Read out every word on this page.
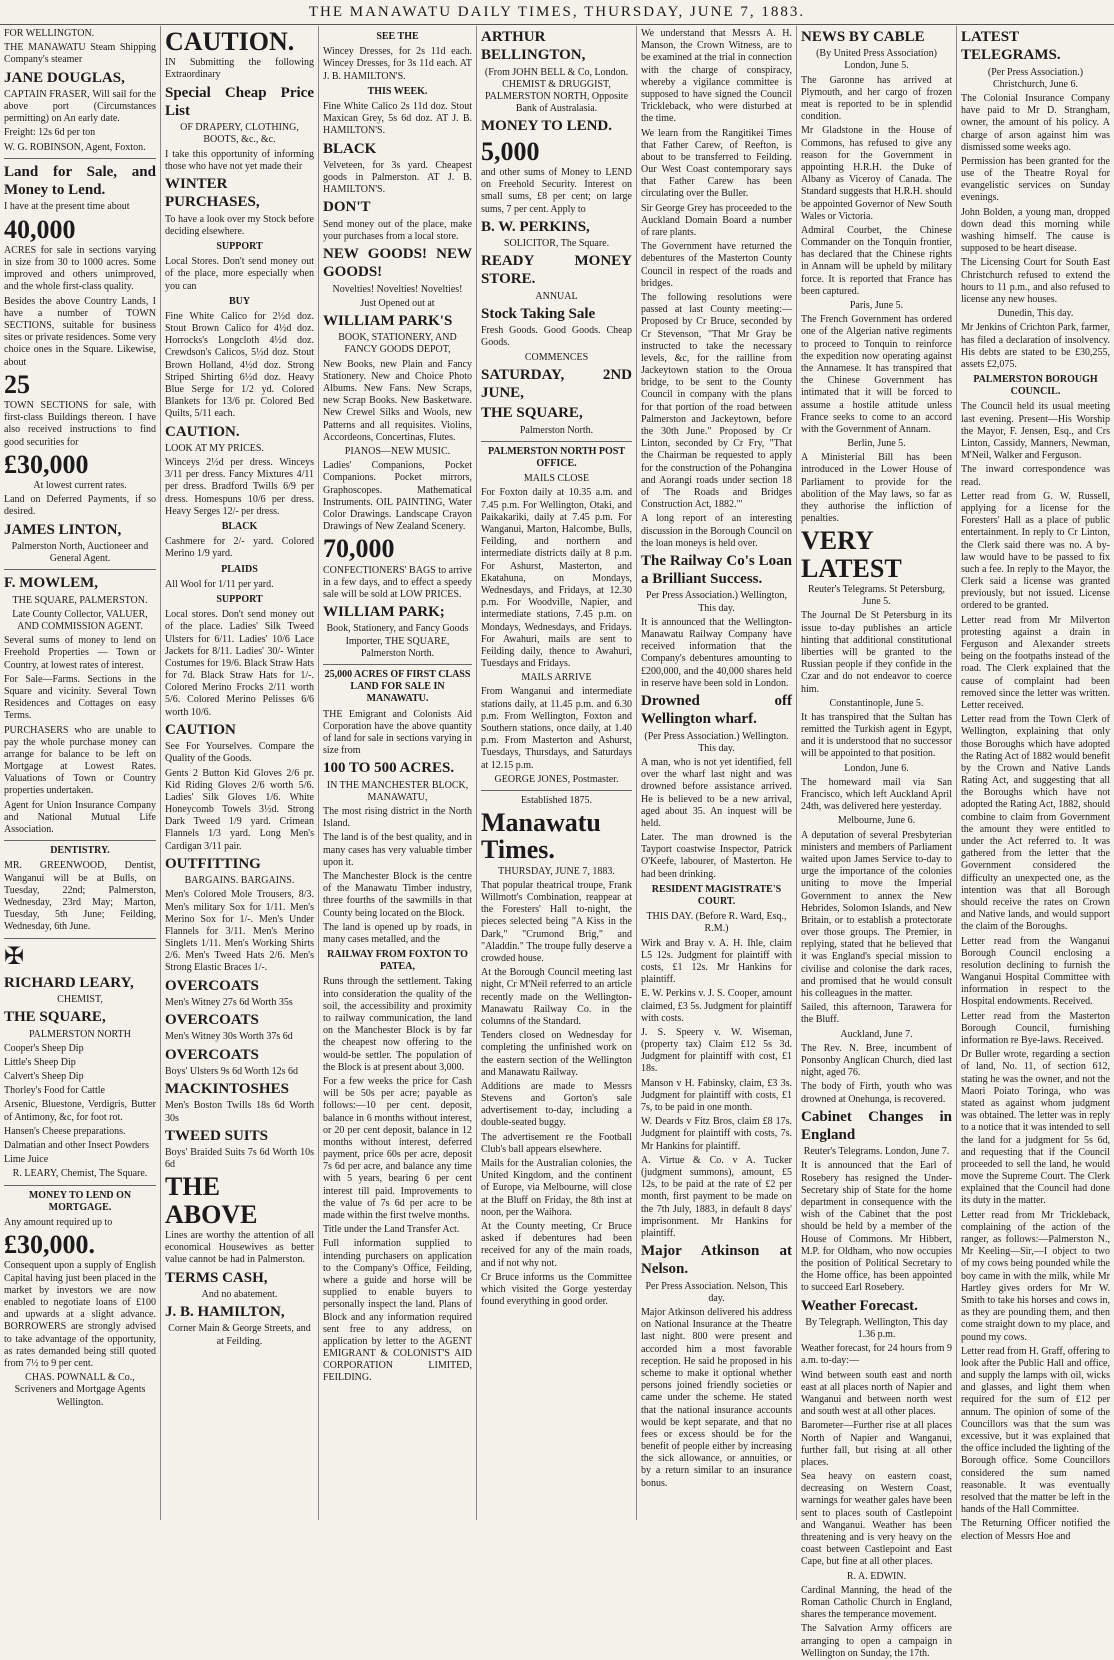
THE MANAWATU DAILY TIMES, THURSDAY, JUNE 7, 1883.

FOR WELLINGTON.

THE MANAWATU Steam Shipping Company's steamer

JANE DOUGLAS,

CAPTAIN FRASER, Will sail for the above port (Circumstances permitting) on An early date.

Freight: 12s 6d per ton

W. G. ROBINSON, Agent, Foxton.

Land for Sale, and Money to Lend.

I have at the present time about

40,000

ACRES for sale in sections varying in size from 30 to 1000 acres. Some improved and others unimproved, and the whole first-class quality.

Besides the above Country Lands, I have a number of TOWN SECTIONS, suitable for business sites or private residences. Some very choice ones in the Square. Likewise, about

25

TOWN SECTIONS for sale, with first-class Buildings thereon. I have also received instructions to find good securities for

£30,000

At lowest current rates.

Land on Deferred Payments, if so desired.

JAMES LINTON,

Palmerston North, Auctioneer and General Agent.

F. MOWLEM,

THE SQUARE, PALMERSTON.

Late County Collector, VALUER, AND COMMISSION AGENT.

Several sums of money to lend on Freehold Properties — Town or Country, at lowest rates of interest.

For Sale—Farms. Sections in the Square and vicinity. Several Town Residences and Cottages on easy Terms.

PURCHASERS who are unable to pay the whole purchase money can arrange for balance to be left on Mortgage at Lowest Rates. Valuations of Town or Country properties undertaken.

Agent for Union Insurance Company and National Mutual Life Association.

DENTISTRY.

MR. GREENWOOD, Dentist, Wanganui will be at Bulls, on Tuesday, 22nd; Palmerston, Wednesday, 23rd May; Marton, Tuesday, 5th June; Feilding, Wednesday, 6th June.

✠

RICHARD LEARY,

CHEMIST,

THE SQUARE,

PALMERSTON NORTH

Cooper's Sheep Dip

Little's Sheep Dip

Calvert's Sheep Dip

Thorley's Food for Cattle

Arsenic, Bluestone, Verdigris, Butter of Antimony, &c, for foot rot.

Hansen's Cheese preparations.

Dalmatian and other Insect Powders

Lime Juice

R. LEARY, Chemist, The Square.

MONEY TO LEND ON MORTGAGE.

Any amount required up to

£30,000.

Consequent upon a supply of English Capital having just been placed in the market by investors we are now enabled to negotiate loans of £100 and upwards at a slight advance. BORROWERS are strongly advised to take advantage of the opportunity, as rates demanded being still quoted from 7½ to 9 per cent.

CHAS. POWNALL & Co., Scriveners and Mortgage Agents Wellington.

CAUTION.

IN Submitting the following Extraordinary

Special Cheap Price List

OF DRAPERY, CLOTHING, BOOTS, &c., &c.

I take this opportunity of informing those who have not yet made their

WINTER PURCHASES,

To have a look over my Stock before deciding elsewhere.

SUPPORT

Local Stores. Don't send money out of the place, more especially when you can

BUY

Fine White Calico for 2½d doz. Stout Brown Calico for 4½d doz. Horrocks's Longcloth 4½d doz. Crewdson's Calicos, 5½d doz. Stout Brown Holland, 4½d doz. Strong Striped Shirting 6½d doz. Heavy Blue Serge for 1/2 yd. Colored Blankets for 13/6 pr. Colored Bed Quilts, 5/11 each.

CAUTION.

LOOK AT MY PRICES.

Winceys 2½d per dress. Winceys 3/11 per dress. Fancy Mixtures 4/11 per dress. Bradford Twills 6/9 per dress. Homespuns 10/6 per dress. Heavy Serges 12/- per dress.

BLACK

Cashmere for 2/- yard. Colored Merino 1/9 yard.

PLAIDS

All Wool for 1/11 per yard.

SUPPORT

Local stores. Don't send money out of the place. Ladies' Silk Tweed Ulsters for 6/11. Ladies' 10/6 Lace Jackets for 8/11. Ladies' 30/- Winter Costumes for 19/6. Black Straw Hats for 7d. Black Straw Hats for 1/-. Colored Merino Frocks 2/11 worth 5/6. Colored Merino Pelisses 6/6 worth 10/6.

CAUTION

See For Yourselves. Compare the Quality of the Goods.

Gents 2 Button Kid Gloves 2/6 pr. Kid Riding Gloves 2/6 worth 5/6. Ladies' Silk Gloves 1/6. White Honeycomb Towels 3½d. Strong Dark Tweed 1/9 yard. Crimean Flannels 1/3 yard. Long Men's Cardigan 3/11 pair.

OUTFITTING

BARGAINS. BARGAINS.

Men's Colored Mole Trousers, 8/3. Men's military Sox for 1/11. Men's Merino Sox for 1/-. Men's Under Flannels for 3/11. Men's Merino Singlets 1/11. Men's Working Shirts 2/6. Men's Tweed Hats 2/6. Men's Strong Elastic Braces 1/-.

OVERCOATS

Men's Witney 27s 6d Worth 35s

OVERCOATS

Men's Witney 30s Worth 37s 6d

OVERCOATS

Boys' Ulsters 9s 6d Worth 12s 6d

MACKINTOSHES

Men's Boston Twills 18s 6d Worth 30s

TWEED SUITS

Boys' Braided Suits 7s 6d Worth 10s 6d

THE ABOVE

Lines are worthy the attention of all economical Housewives as better value cannot be had in Palmerston.

TERMS CASH,

And no abatement.

J. B. HAMILTON,

Corner Main & George Streets, and at Feilding.

SEE THE

Wincey Dresses, for 2s 11d each. Wincey Dresses, for 3s 11d each. AT J. B. HAMILTON'S.

THIS WEEK.

Fine White Calico 2s 11d doz. Stout Maxican Grey, 5s 6d doz. AT J. B. HAMILTON'S.

BLACK

Velveteen, for 3s yard. Cheapest goods in Palmerston. AT J. B. HAMILTON'S.

DON'T

Send money out of the place, make your purchases from a local store.

NEW GOODS! NEW GOODS!

Novelties! Novelties! Novelties!

Just Opened out at

WILLIAM PARK'S

BOOK, STATIONERY, AND FANCY GOODS DEPOT,

New Books, new Plain and Fancy Stationery. New and Choice Photo Albums. New Fans. New Scraps, new Scrap Books. New Basketware. New Crewel Silks and Wools, new Patterns and all requisites. Violins, Accordeons, Concertinas, Flutes.

PIANOS—NEW MUSIC.

Ladies' Companions, Pocket Companions. Pocket mirrors, Graphoscopes. Mathematical Instruments. OIL PAINTING, Water Color Drawings. Landscape Crayon Drawings of New Zealand Scenery.

70,000

CONFECTIONERS' BAGS to arrive in a few days, and to effect a speedy sale will be sold at LOW PRICES.

WILLIAM PARK;

Book, Stationery, and Fancy Goods Importer, THE SQUARE, Palmerston North.

25,000 ACRES OF FIRST CLASS LAND FOR SALE IN MANAWATU.

THE Emigrant and Colonists Aid Corporation have the above quantity of land for sale in sections varying in size from

100 TO 500 ACRES.

IN THE MANCHESTER BLOCK, MANAWATU,

The most rising district in the North Island.

The land is of the best quality, and in many cases has very valuable timber upon it.

The Manchester Block is the centre of the Manawatu Timber industry, three fourths of the sawmills in that County being located on the Block.

The land is opened up by roads, in many cases metalled, and the

RAILWAY FROM FOXTON TO PATEA,

Runs through the settlement. Taking into consideration the quality of the soil, the accessibility and proximity to railway communication, the land on the Manchester Block is by far the cheapest now offering to the would-be settler. The population of the Block is at present about 3,000.

For a few weeks the price for Cash will be 50s per acre; payable as follows:—10 per cent. deposit, balance in 6 months without interest, or 20 per cent deposit, balance in 12 months without interest, deferred payment, price 60s per acre, deposit 7s 6d per acre, and balance any time with 5 years, bearing 6 per cent interest till paid. Improvements to the value of 7s 6d per acre to be made within the first twelve months.

Title under the Land Transfer Act.

Full information supplied to intending purchasers on application to the Company's Office, Feilding, where a guide and horse will be supplied to enable buyers to personally inspect the land. Plans of Block and any information required sent free to any address, on application by letter to the AGENT EMIGRANT & COLONIST'S AID CORPORATION LIMITED, FEILDING.

ARTHUR BELLINGTON,

(From JOHN BELL & Co, London. CHEMIST & DRUGGIST, PALMERSTON NORTH, Opposite Bank of Australasia.

MONEY TO LEND.

5,000

and other sums of Money to LEND on Freehold Security. Interest on small sums, £8 per cent; on large sums, 7 per cent. Apply to

B. W. PERKINS,

SOLICITOR, The Square.

READY MONEY STORE.

ANNUAL

Stock Taking Sale

Fresh Goods. Good Goods. Cheap Goods.

COMMENCES

SATURDAY, 2ND JUNE,

THE SQUARE,

Palmerston North.

PALMERSTON NORTH POST OFFICE.

MAILS CLOSE

For Foxton daily at 10.35 a.m. and 7.45 p.m. For Wellington, Otaki, and Paikakariki, daily at 7.45 p.m. For Wanganui, Marton, Halcombe, Bulls, Feilding, and northern and intermediate districts daily at 8 p.m. For Ashurst, Masterton, and Ekatahuna, on Mondays, Wednesdays, and Fridays, at 12.30 p.m. For Woodville, Napier, and intermediate stations, 7.45 p.m. on Mondays, Wednesdays, and Fridays. For Awahuri, mails are sent to Feilding daily, thence to Awahuri, Tuesdays and Fridays.

MAILS ARRIVE

From Wanganui and intermediate stations daily, at 11.45 p.m. and 6.30 p.m. From Wellington, Foxton and Southern stations, once daily, at 1.40 p.m. From Masterton and Ashurst, Tuesdays, Thursdays, and Saturdays at 12.15 p.m.

GEORGE JONES, Postmaster.

Established 1875.

Manawatu Times.

THURSDAY, JUNE 7, 1883.

That popular theatrical troupe, Frank Willmott's Combination, reappear at the Foresters' Hall to-night, the pieces selected being "A Kiss in the Dark," "Crumond Brig," and "Aladdin." The troupe fully deserve a crowded house.

At the Borough Council meeting last night, Cr M'Neil referred to an article recently made on the Wellington-Manawatu Railway Co. in the columns of the Standard.

Tenders closed on Wednesday for completing the unfinished work on the eastern section of the Wellington and Manawatu Railway.

Additions are made to Messrs Stevens and Gorton's sale advertisement to-day, including a double-seated buggy.

The advertisement re the Football Club's ball appears elsewhere.

Mails for the Australian colonies, the United Kingdom, and the continent of Europe, via Melbourne, will close at the Bluff on Friday, the 8th inst at noon, per the Waihora.

At the County meeting, Cr Bruce asked if debentures had been received for any of the main roads, and if not why not.

Cr Bruce informs us the Committee which visited the Gorge yesterday found everything in good order.

We understand that Messrs A. H. Manson, the Crown Witness, are to be examined at the trial in connection with the charge of conspiracy, whereby a vigilance committee is supposed to have signed the Council Trickleback, who were disturbed at the time.

We learn from the Rangitikei Times that Father Carew, of Reefton, is about to be transferred to Feilding. Our West Coast contemporary says that Father Carew has been circulating over the Buller.

Sir George Grey has proceeded to the Auckland Domain Board a number of rare plants.

The Government have returned the debentures of the Masterton County Council in respect of the roads and bridges.

The following resolutions were passed at last County meeting:—Proposed by Cr Bruce, seconded by Cr Stevenson, "That Mr Gray be instructed to take the necessary levels, &c, for the railline from Jackeytown station to the Oroua bridge, to be sent to the County Council in company with the plans for that portion of the road between Palmerston and Jackeytown, before the 30th June." Proposed by Cr Linton, seconded by Cr Fry, "That the Chairman be requested to apply for the construction of the Pohangina and Aorangi roads under section 18 of 'The Roads and Bridges Construction Act, 1882.'"

A long report of an interesting discussion in the Borough Council on the loan moneys is held over.

The Railway Co's Loan a Brilliant Success.

Per Press Association.) Wellington, This day.

It is announced that the Wellington-Manawatu Railway Company have received information that the Company's debentures amounting to £200,000, and the 40,000 shares held in reserve have been sold in London.

Drowned off Wellington wharf.

(Per Press Association.) Wellington. This day.

A man, who is not yet identified, fell over the wharf last night and was drowned before assistance arrived. He is believed to be a new arrival, aged about 35. An inquest will be held.

Later. The man drowned is the Tayport coastwise Inspector, Patrick O'Keefe, labourer, of Masterton. He had been drinking.

RESIDENT MAGISTRATE'S COURT.

THIS DAY. (Before R. Ward, Esq., R.M.)

Wirk and Bray v. A. H. Ihle, claim L5 12s. Judgment for plaintiff with costs, £1 12s. Mr Hankins for plaintiff.

E. W. Perkins v. J. S. Cooper, amount claimed, £3 5s. Judgment for plaintiff with costs.

J. S. Speery v. W. Wiseman, (property tax) Claim £12 5s 3d. Judgment for plaintiff with cost, £1 18s.

Manson v H. Fabinsky, claim, £3 3s. Judgment for plaintiff with costs, £1 7s, to be paid in one month.

W. Deards v Fitz Bros, claim £8 17s. Judgment for plaintiff with costs, 7s. Mr Hankins for plaintiff.

A. Virtue & Co. v A. Tucker (judgment summons), amount, £5 12s, to be paid at the rate of £2 per month, first payment to be made on the 7th July, 1883, in default 8 days' imprisonment. Mr Hankins for plaintiff.

Major Atkinson at Nelson.

Per Press Association. Nelson, This day.

Major Atkinson delivered his address on National Insurance at the Theatre last night. 800 were present and accorded him a most favorable reception. He said he proposed in his scheme to make it optional whether persons joined friendly societies or came under the scheme. He stated that the national insurance accounts would be kept separate, and that no fees or excess should be for the benefit of people either by increasing the sick allowance, or annuities, or by a return similar to an insurance bonus.

NEWS BY CABLE

(By United Press Association) London, June 5.

The Garonne has arrived at Plymouth, and her cargo of frozen meat is reported to be in splendid condition.

Mr Gladstone in the House of Commons, has refused to give any reason for the Government in appointing H.R.H. the Duke of Albany as Viceroy of Canada. The Standard suggests that H.R.H. should be appointed Governor of New South Wales or Victoria.

Admiral Courbet, the Chinese Commander on the Tonquin frontier, has declared that the Chinese rights in Annam will be upheld by military force. It is reported that France has been captured.

Paris, June 5.

The French Government has ordered one of the Algerian native regiments to proceed to Tonquin to reinforce the expedition now operating against the Annamese. It has transpired that the Chinese Government has intimated that it will be forced to assume a hostile attitude unless France seeks to come to an accord with the Government of Annam.

Berlin, June 5.

A Ministerial Bill has been introduced in the Lower House of Parliament to provide for the abolition of the May laws, so far as they authorise the infliction of penalties.

VERY LATEST

Reuter's Telegrams. St Petersburg, June 5.

The Journal De St Petersburg in its issue to-day publishes an article hinting that additional constitutional liberties will be granted to the Russian people if they confide in the Czar and do not endeavor to coerce him.

Constantinople, June 5.

It has transpired that the Sultan has remitted the Turkish agent in Egypt, and it is understood that no successor will be appointed to that position.

London, June 6.

The homeward mail via San Francisco, which left Auckland April 24th, was delivered here yesterday.

Melbourne, June 6.

A deputation of several Presbyterian ministers and members of Parliament waited upon James Service to-day to urge the importance of the colonies uniting to move the Imperial Government to annex the New Hebrides, Solomon Islands, and New Britain, or to establish a protectorate over those groups. The Premier, in replying, stated that he believed that it was England's special mission to civilise and colonise the dark races, and promised that he would consult his colleagues in the matter.

Sailed, this afternoon, Tarawera for the Bluff.

Auckland, June 7.

The Rev. N. Bree, incumbent of Ponsonby Anglican Church, died last night, aged 76.

The body of Firth, youth who was drowned at Onehunga, is recovered.

Cabinet Changes in England

Reuter's Telegrams. London, June 7.

It is announced that the Earl of Rosebery has resigned the Under-Secretary ship of State for the home department in consequence with the wish of the Cabinet that the post should be held by a member of the House of Commons. Mr Hibbert, M.P. for Oldham, who now occupies the position of Political Secretary to the Home office, has been appointed to succeed Earl Rosebery.

Weather Forecast.

By Telegraph. Wellington, This day 1.36 p.m.

Weather forecast, for 24 hours from 9 a.m. to-day:—

Wind between south east and north east at all places north of Napier and Wanganui and between north west and south west at all other places.

Barometer—Further rise at all places North of Napier and Wanganui, further fall, but rising at all other places.

Sea heavy on eastern coast, decreasing on Western Coast, warnings for weather gales have been sent to places south of Castlepoint and Wanganui. Weather has been threatening and is very heavy on the coast between Castlepoint and East Cape, but fine at all other places.

R. A. EDWIN.

Cardinal Manning, the head of the Roman Catholic Church in England, shares the temperance movement.

The Salvation Army officers are arranging to open a campaign in Wellington on Sunday, the 17th.

LATEST TELEGRAMS.

(Per Press Association.) Christchurch, June 6.

The Colonial Insurance Company have paid to Mr D. Strangham, owner, the amount of his policy. A charge of arson against him was dismissed some weeks ago.

Permission has been granted for the use of the Theatre Royal for evangelistic services on Sunday evenings.

John Bolden, a young man, dropped down dead this morning while washing himself. The cause is supposed to be heart disease.

The Licensing Court for South East Christchurch refused to extend the hours to 11 p.m., and also refused to license any new houses.

Dunedin, This day.

Mr Jenkins of Crichton Park, farmer, has filed a declaration of insolvency. His debts are stated to be £30,255, assets £2,075.

PALMERSTON BOROUGH COUNCIL.

The Council held its usual meeting last evening. Present—His Worship the Mayor, F. Jensen, Esq., and Crs Linton, Cassidy, Manners, Newman, M'Neil, Walker and Ferguson.

The inward correspondence was read.

Letter read from G. W. Russell, applying for a license for the Foresters' Hall as a place of public entertainment. In reply to Cr Linton, the Clerk said there was no. A by-law would have to be passed to fix such a fee. In reply to the Mayor, the Clerk said a license was granted previously, but not issued. License ordered to be granted.

Letter read from Mr Milverton protesting against a drain in Ferguson and Alexander streets being on the footpaths instead of the road. The Clerk explained that the cause of complaint had been removed since the letter was written. Letter received.

Letter read from the Town Clerk of Wellington, explaining that only those Boroughs which have adopted the Rating Act of 1882 would benefit by the Crown and Native Lands Rating Act, and suggesting that all the Boroughs which have not adopted the Rating Act, 1882, should combine to claim from Government the amount they were entitled to under the Act referred to. It was gathered from the letter that the Government considered the difficulty an unexpected one, as the intention was that all Borough should receive the rates on Crown and Native lands, and would support the claim of the Boroughs.

Letter read from the Wanganui Borough Council enclosing a resolution declining to furnish the Wanganui Hospital Committee with information in respect to the Hospital endowments. Received.

Letter read from the Masterton Borough Council, furnishing information re Bye-laws. Received.

Dr Buller wrote, regarding a section of land, No. 11, of section 612, stating he was the owner, and not the Maori Poiato Toringa, who was stated as against whom judgment was obtained. The letter was in reply to a notice that it was intended to sell the land for a judgment for 5s 6d, and requesting that if the Council proceeded to sell the land, he would move the Supreme Court. The Clerk explained that the Council had done its duty in the matter.

Letter read from Mr Trickleback, complaining of the action of the ranger, as follows:—Palmerston N., Mr Keeling—Sir,—I object to two of my cows being pounded while the boy came in with the milk, while Mr Hartley gives orders for Mr W. Smith to take his horses and cows in, as they are pounding them, and then come straight down to my place, and pound my cows.

Letter read from H. Graff, offering to look after the Public Hall and office, and supply the lamps with oil, wicks and glasses, and light them when required for the sum of £12 per annum. The opinion of some of the Councillors was that the sum was excessive, but it was explained that the office included the lighting of the Borough office. Some Councillors considered the sum named reasonable. It was eventually resolved that the matter be left in the hands of the Hall Committee.

The Returning Officer notified the election of Messrs Hoe and
